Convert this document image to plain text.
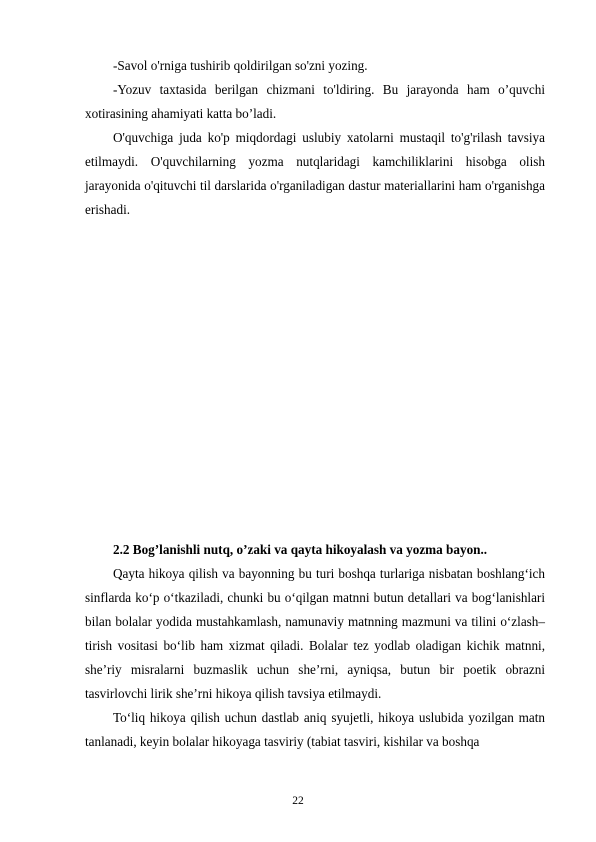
-Savol o'rniga tushirib qoldirilgan so'zni yozing.

-Yozuv taxtasida berilgan chizmani to'ldiring. Bu jarayonda ham o’quvchi xotirasining ahamiyati katta bo’ladi.

O'quvchiga juda ko'p miqdordagi uslubiy xatolarni mustaqil to'g'rilash tavsiya etilmaydi. O'quvchilarning yozma nutqlaridagi kamchiliklarini hisobga olish jarayonida o'qituvchi til darslarida o'rganiladigan dastur materiallarini ham o'rganishga erishadi.

2.2 Bog’lanishli nutq, o’zaki va qayta hikoyalash va yozma bayon..

Qayta hikoya qilish va bayonning bu turi boshqa turlariga nisbatan boshlang‘ich sinflarda ko‘p o‘tkaziladi, chunki bu o‘qilgan matnni butun detallari va bog‘lanishlari bilan bolalar yodida mustahkamlash, namunaviy matnning mazmuni va tilini o‘zlash– tirish vositasi bo‘lib ham xizmat qiladi. Bolalar tez yodlab oladigan kichik matnni, she’riy misralarni buzmaslik uchun she’rni, ayniqsa, butun bir poetik obrazni tasvirlovchi lirik she’rni hikoya qilish tavsiya etilmaydi.

To‘liq hikoya qilish uchun dastlab aniq syujetli, hikoya uslubida yozilgan matn tanlanadi, keyin bolalar hikoyaga tasviriy (tabiat tasviri, kishilar va boshqa

22
